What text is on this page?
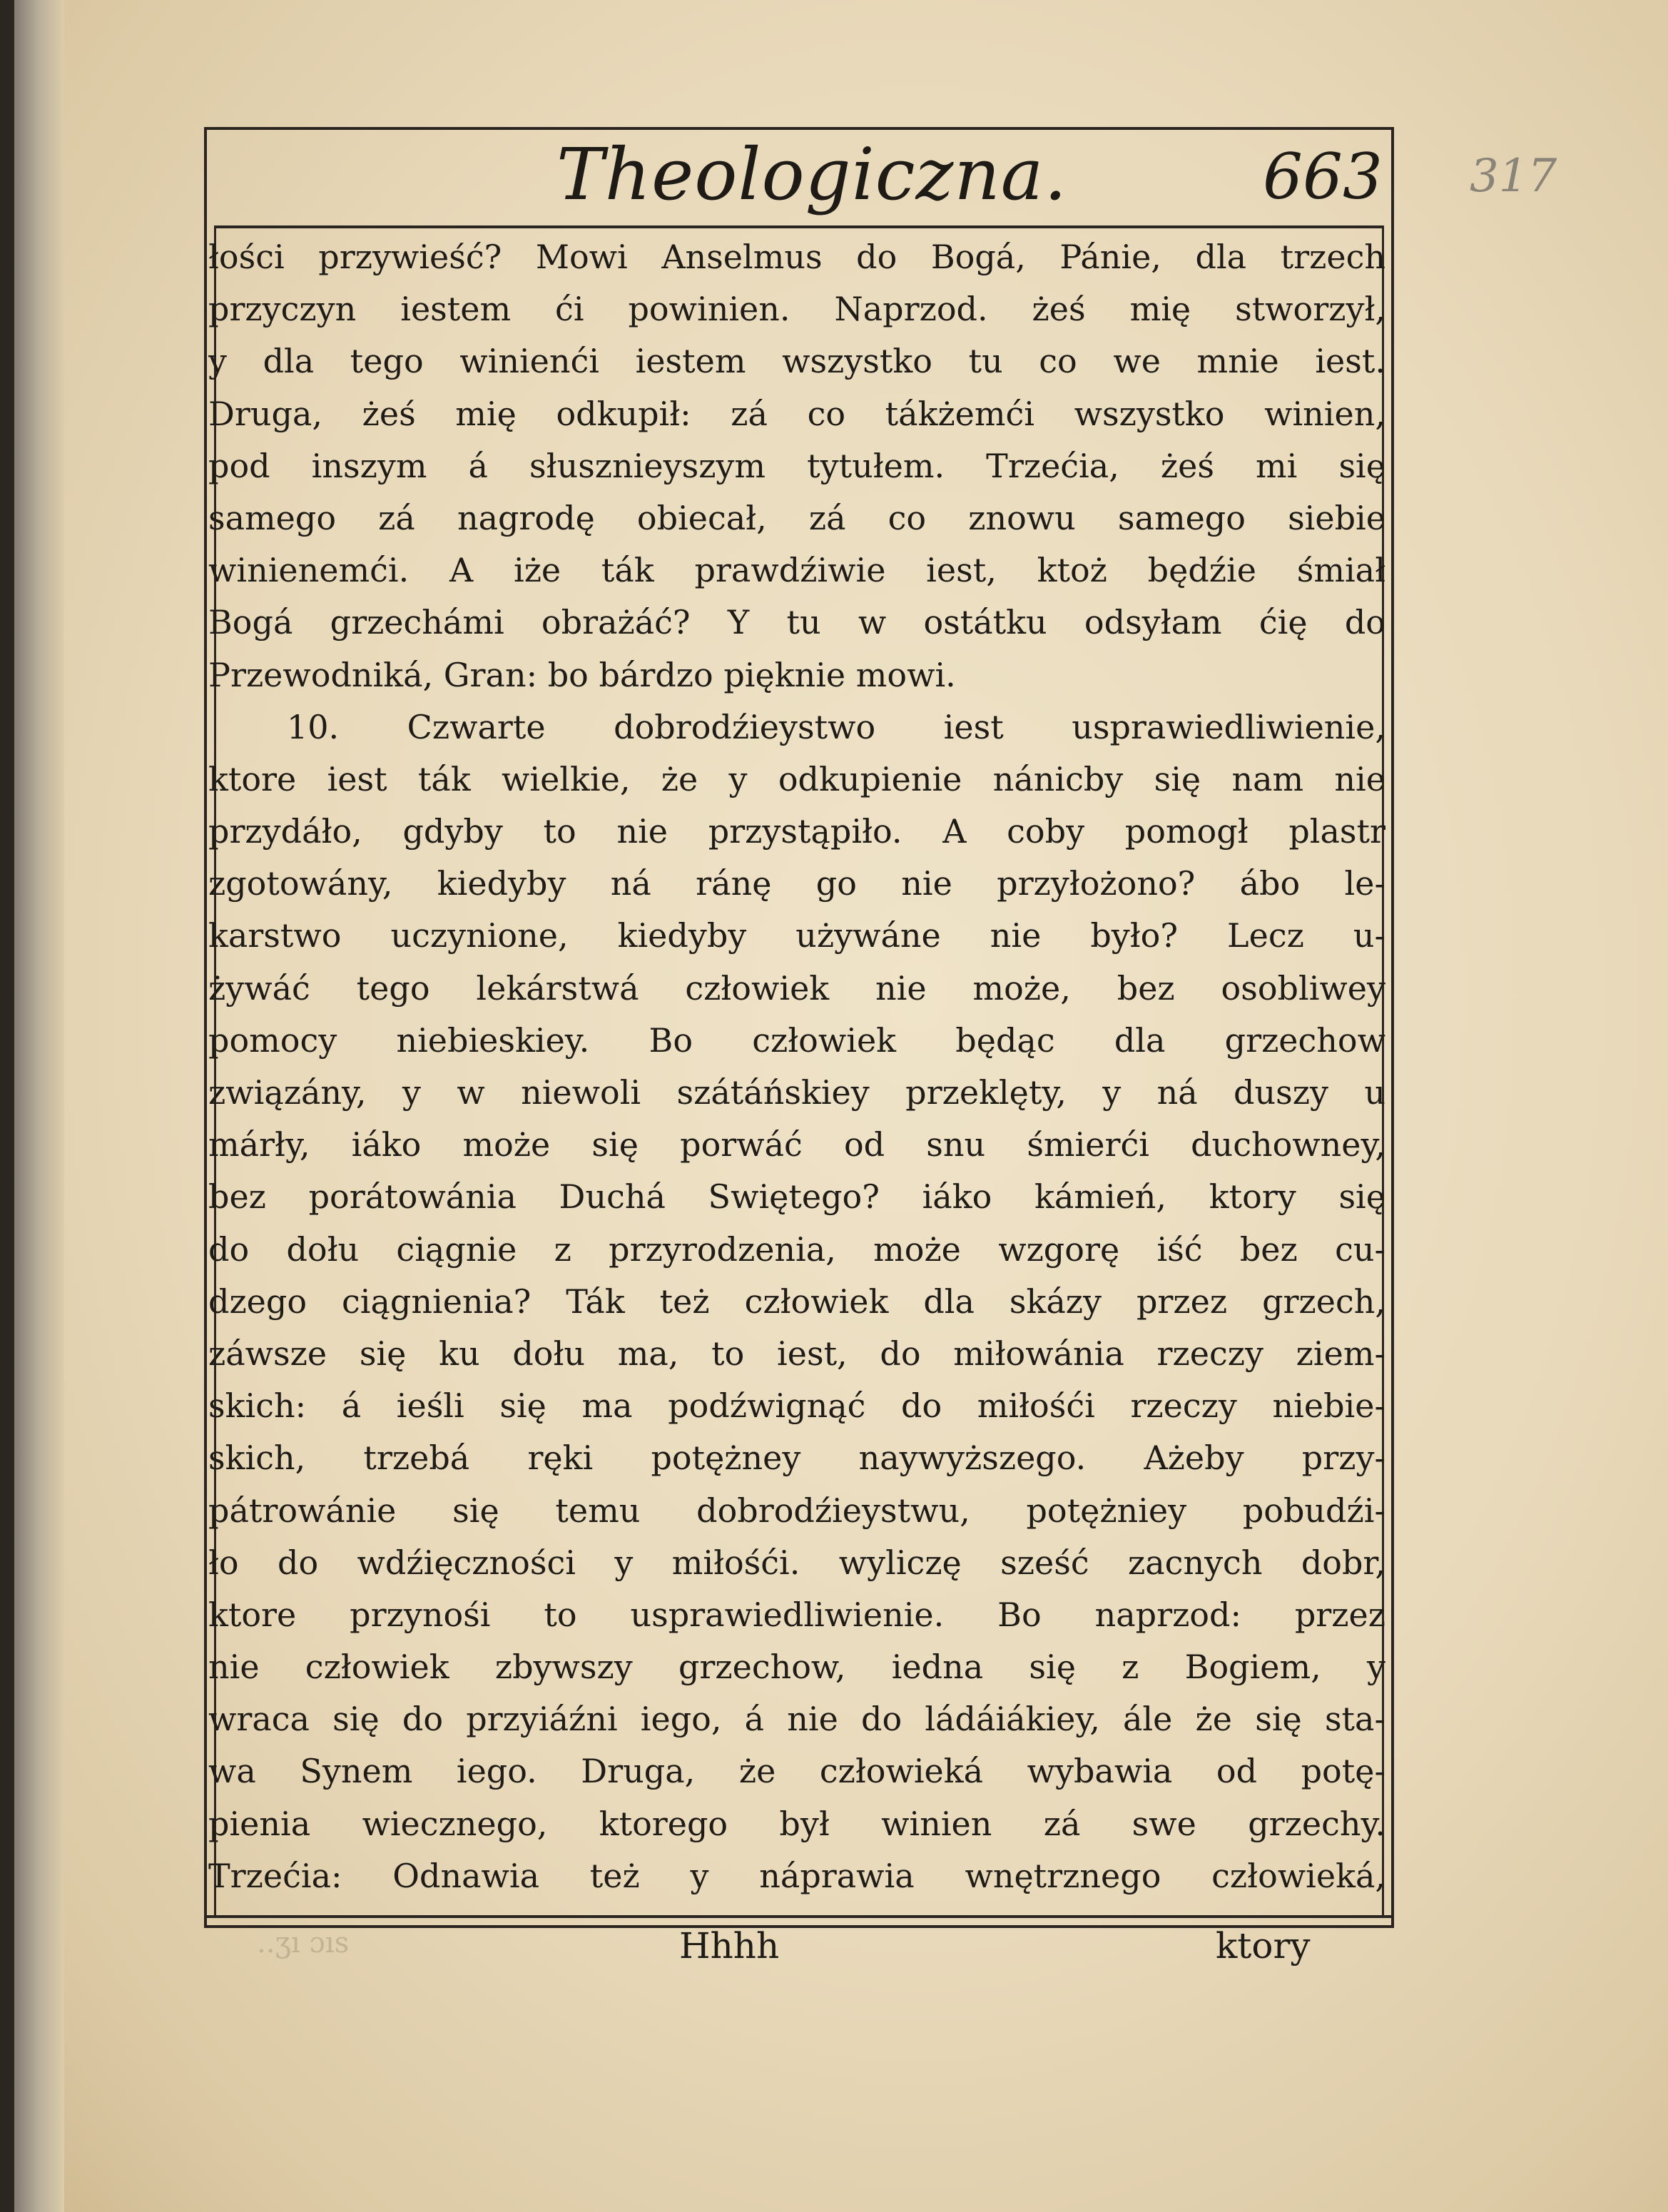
Theologiczna.	663 317
łości przywieść? Mowi Anselmus do Bogá, Pánie, dla trzech
przyczyn iestem ći powinien. Naprzod. żeś mię stworzył,
y dla tego winienći iestem wszystko tu co we mnie iest.
Druga, żeś mię odkupił: zá co tákżemći wszystko winien,
pod inszym á słusznieyszym tytułem. Trzećia, żeś mi się
samego zá nagrodę obiecał, zá co znowu samego siebie
winienemći. A iże ták prawdźiwie iest, ktoż będźie śmiał
Bogá grzechámi obrażáć? Y tu w ostátku odsyłam ćię do
Przewodniká, Gran: bo bárdzo pięknie mowi.
10. Czwarte dobrodźieystwo iest usprawiedliwienie,
ktore iest ták wielkie, że y odkupienie nánicby się nam nie
przydáło, gdyby to nie przystąpiło. A coby pomogł plastr
zgotowány, kiedyby ná ránę go nie przyłożono? ábo le-
karstwo uczynione, kiedyby używáne nie było? Lecz u-
żywáć tego lekárstwá człowiek nie może, bez osobliwey
pomocy niebieskiey. Bo człowiek będąc dla grzechow
związány, y w niewoli szátáńskiey przeklęty, y ná duszy u
márły, iáko może się porwáć od snu śmierći duchowney,
bez porátowánia Duchá Swiętego? iáko kámień, ktory się
do dołu ciągnie z przyrodzenia, może wzgorę iść bez cu-
dzego ciągnienia? Ták też człowiek dla skázy przez grzech,
záwsze się ku dołu ma, to iest, do miłowánia rzeczy ziem-
skich: á ieśli się ma podźwignąć do miłośći rzeczy niebie-
skich, trzebá ręki potężney naywyższego. Ażeby przy-
pátrowánie się temu dobrodźieystwu, potężniey pobudźi-
ło do wdźięczności y miłośći. wyliczę sześć zacnych dobr,
ktore przynośi to usprawiedliwienie. Bo naprzod: przez
nie człowiek zbywszy grzechow, iedna się z Bogiem, y
wraca się do przyiáźni iego, á nie do ládáiákiey, ále że się sta-
wa Synem iego. Druga, że człowieká wybawia od potę-
pienia wiecznego, ktorego był winien zá swe grzechy.
Trzećia: Odnawia też y náprawia wnętrznego człowieká,
..ʒı ɔıs	Hhhh	ktory
